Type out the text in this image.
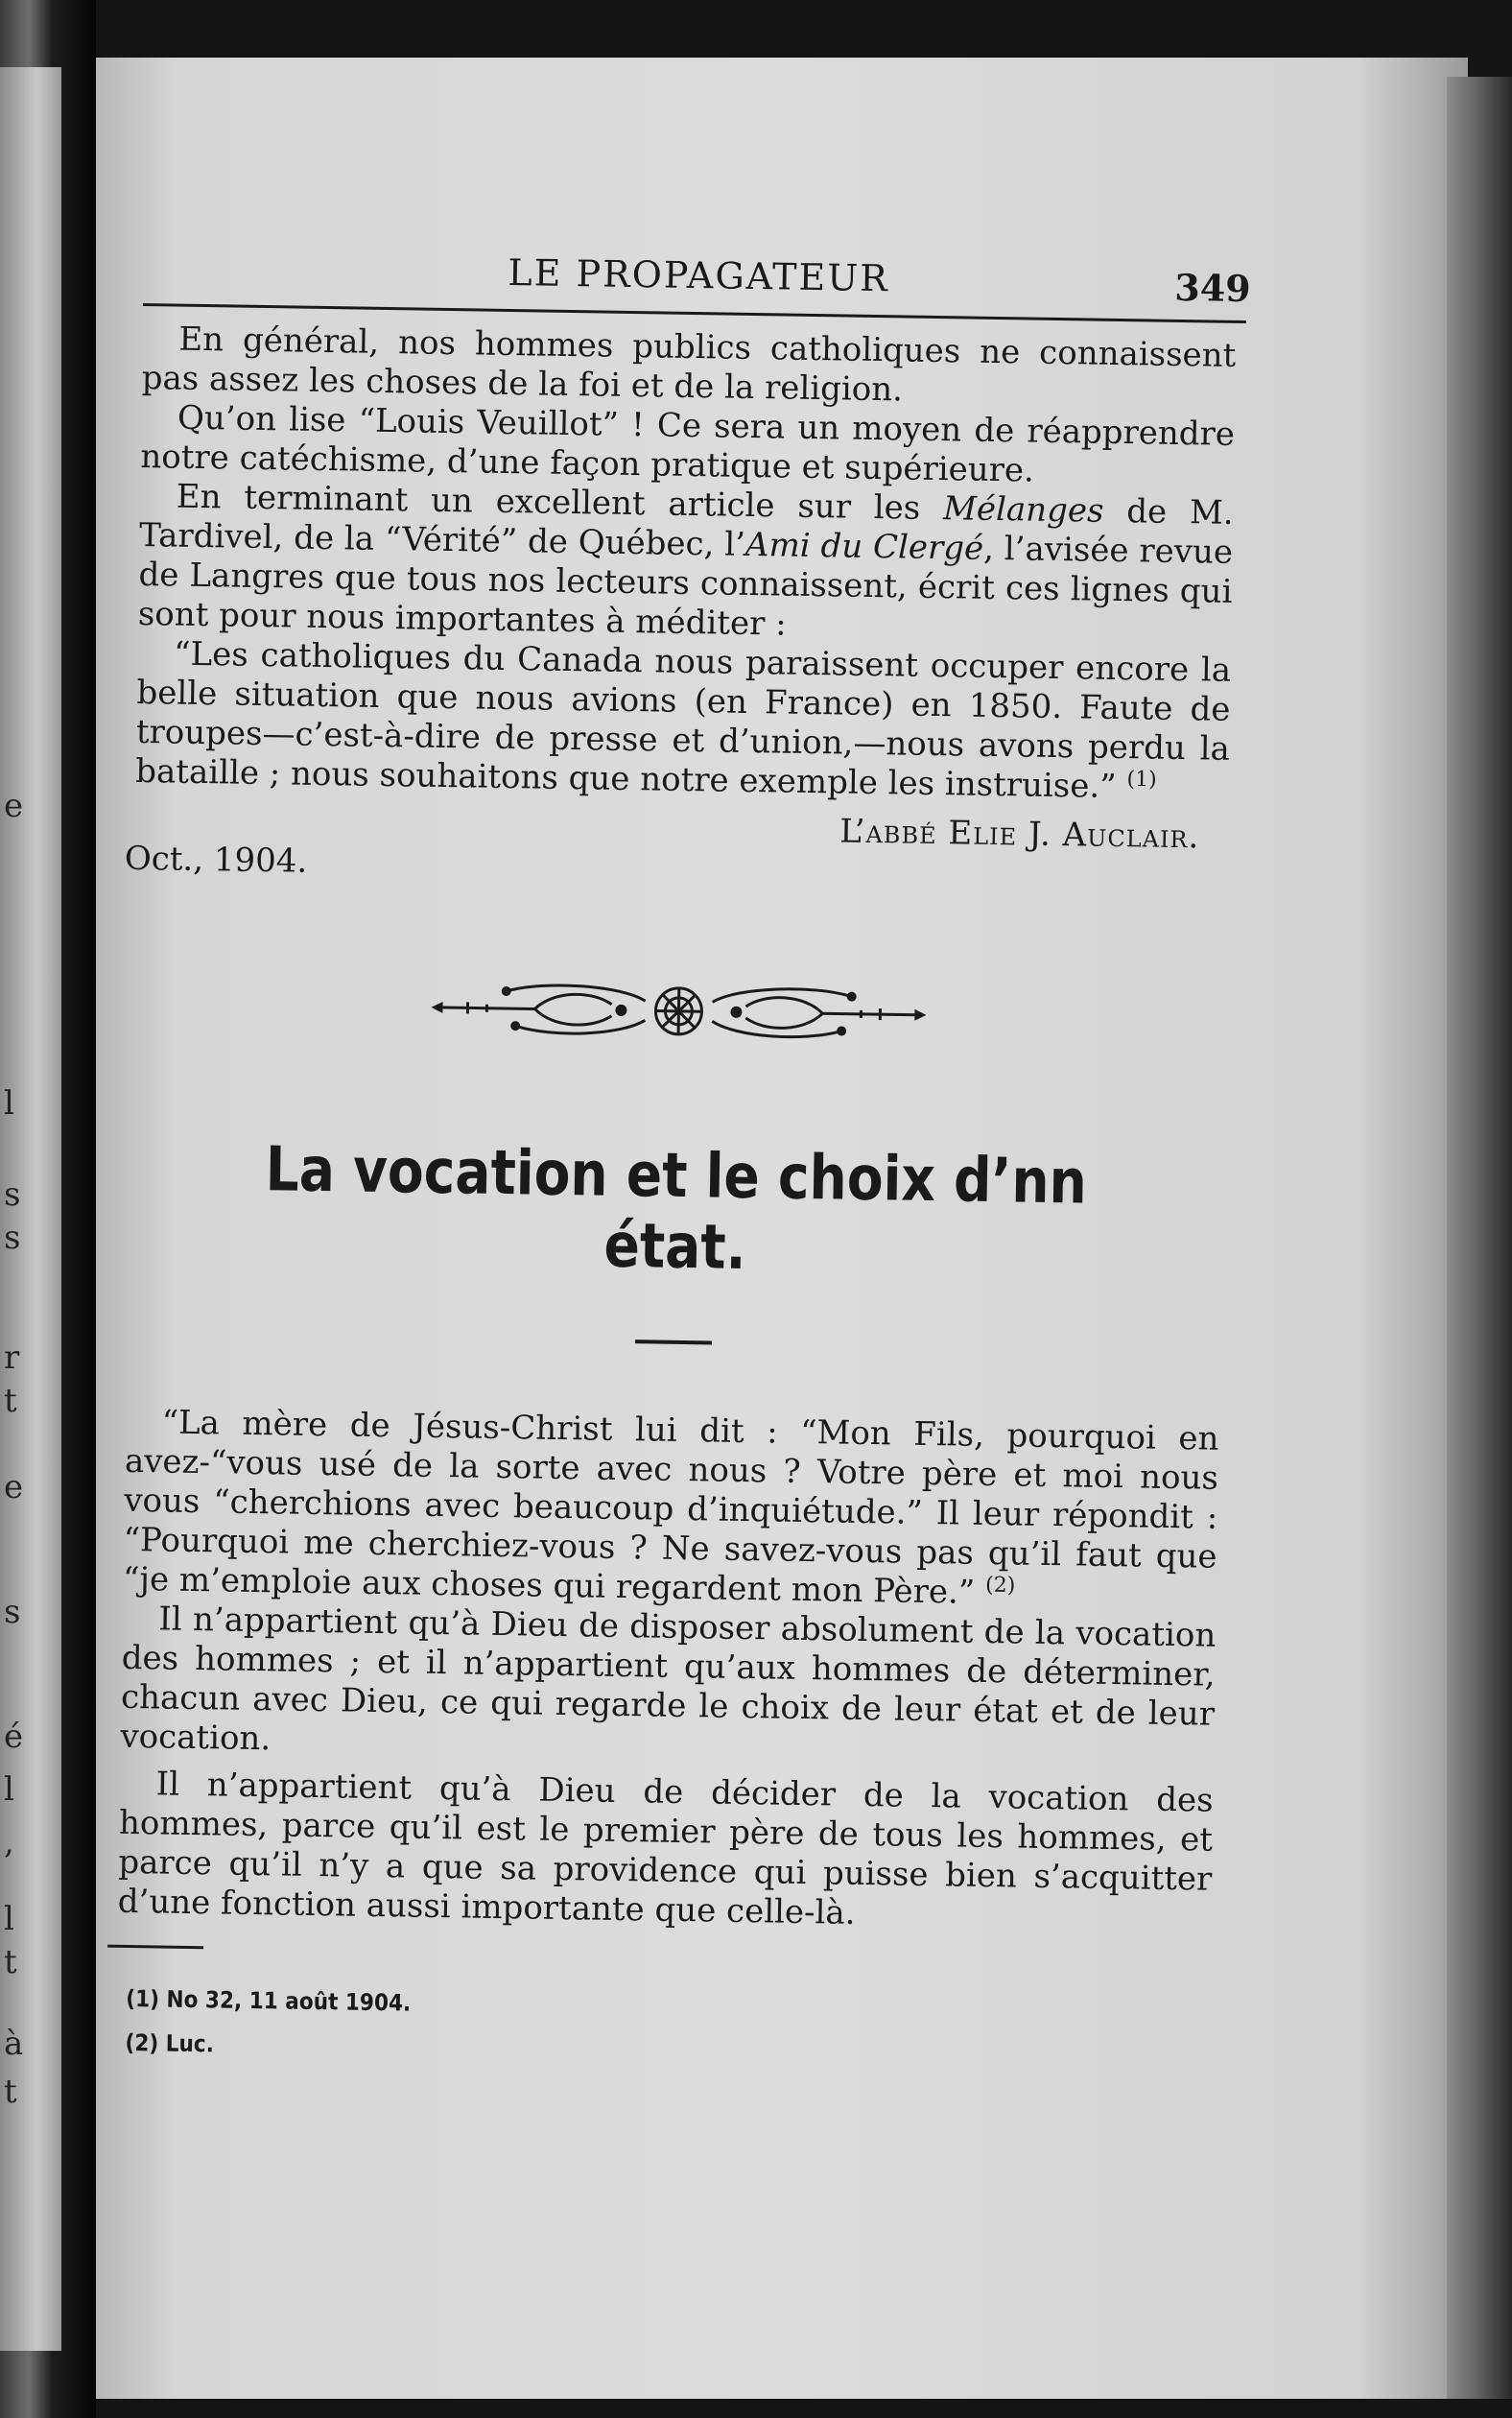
e
l
s
s
r
t
e
s
é
l
,
l
t
à
t
LE PROPAGATEUR	349

En général, nos hommes publics catholiques ne connaissent pas assez les choses de la foi et de la religion.

Qu’on lise “Louis Veuillot” ! Ce sera un moyen de réapprendre notre catéchisme, d’une façon pratique et supérieure.

En terminant un excellent article sur les Mélanges de M. Tardivel, de la “Vérité” de Québec, l’Ami du Clergé, l’avisée revue de Langres que tous nos lecteurs connaissent, écrit ces lignes qui sont pour nous importantes à méditer :

“Les catholiques du Canada nous paraissent occuper encore la belle situation que nous avions (en France) en 1850. Faute de troupes—c’est-à-dire de presse et d’union,—nous avons perdu la bataille ; nous souhaitons que notre exemple les instruise.” $^{(1)}$

L’abbé Elie J. Auclair.
Oct., 1904.
La vocation et le choix d’nn état.

“La mère de Jésus-Christ lui dit : “Mon Fils, pourquoi en avez-“vous usé de la sorte avec nous ? Votre père et moi nous vous “cherchions avec beaucoup d’inquiétude.” Il leur répondit : “Pourquoi me cherchiez-vous ? Ne savez-vous pas qu’il faut que “je m’emploie aux choses qui regardent mon Père.” $^{(2)}$

Il n’appartient qu’à Dieu de disposer absolument de la vocation des hommes ; et il n’appartient qu’aux hommes de déterminer, chacun avec Dieu, ce qui regarde le choix de leur état et de leur vocation.

Il n’appartient qu’à Dieu de décider de la vocation des hommes, parce qu’il est le premier père de tous les hommes, et parce qu’il n’y a que sa providence qui puisse bien s’acquitter d’une fonction aussi importante que celle-là.

(1) No 32, 11 août 1904.
(2) Luc.
